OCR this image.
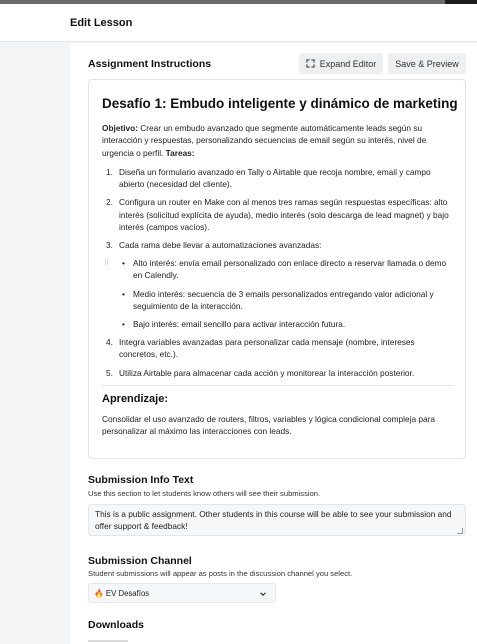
Edit Lesson
Assignment Instructions	Expand Editor Save & Preview
Desafío 1: Embudo inteligente y dinámico de marketing
Objetivo: Crear un embudo avanzado que segmente automáticamente leads según su interacción y respuestas, personalizando secuencias de email según su interés, nivel de urgencia o perfil. Tareas:
1. Diseña un formulario avanzado en Tally o Airtable que recoja nombre, email y campo abierto (necesidad del cliente).
2. Configura un router en Make con al menos tres ramas según respuestas específicas: alto interés (solicitud explícita de ayuda), medio interés (solo descarga de lead magnet) y bajo interés (campos vacíos).
3. Cada rama debe llevar a automatizaciones avanzadas:
⠿ • Alto interés: envía email personalizado con enlace directo a reservar llamada o demo en Calendly.
• Medio interés: secuencia de 3 emails personalizados entregando valor adicional y seguimiento de la interacción.
• Bajo interés: email sencillo para activar interacción futura.
4. Integra variables avanzadas para personalizar cada mensaje (nombre, intereses concretos, etc.).
5. Utiliza Airtable para almacenar cada acción y monitorear la interacción posterior.
Aprendizaje:
Consolidar el uso avanzado de routers, filtros, variables y lógica condicional compleja para personalizar al máximo las interacciones con leads.
Submission Info Text
Use this section to let students know others will see their submission.
This is a public assignment. Other students in this course will be able to see your submission and offer support & feedback!
Submission Channel
Student submissions will appear as posts in the discussion channel you select.
🔥 EV Desafíos
Downloads
